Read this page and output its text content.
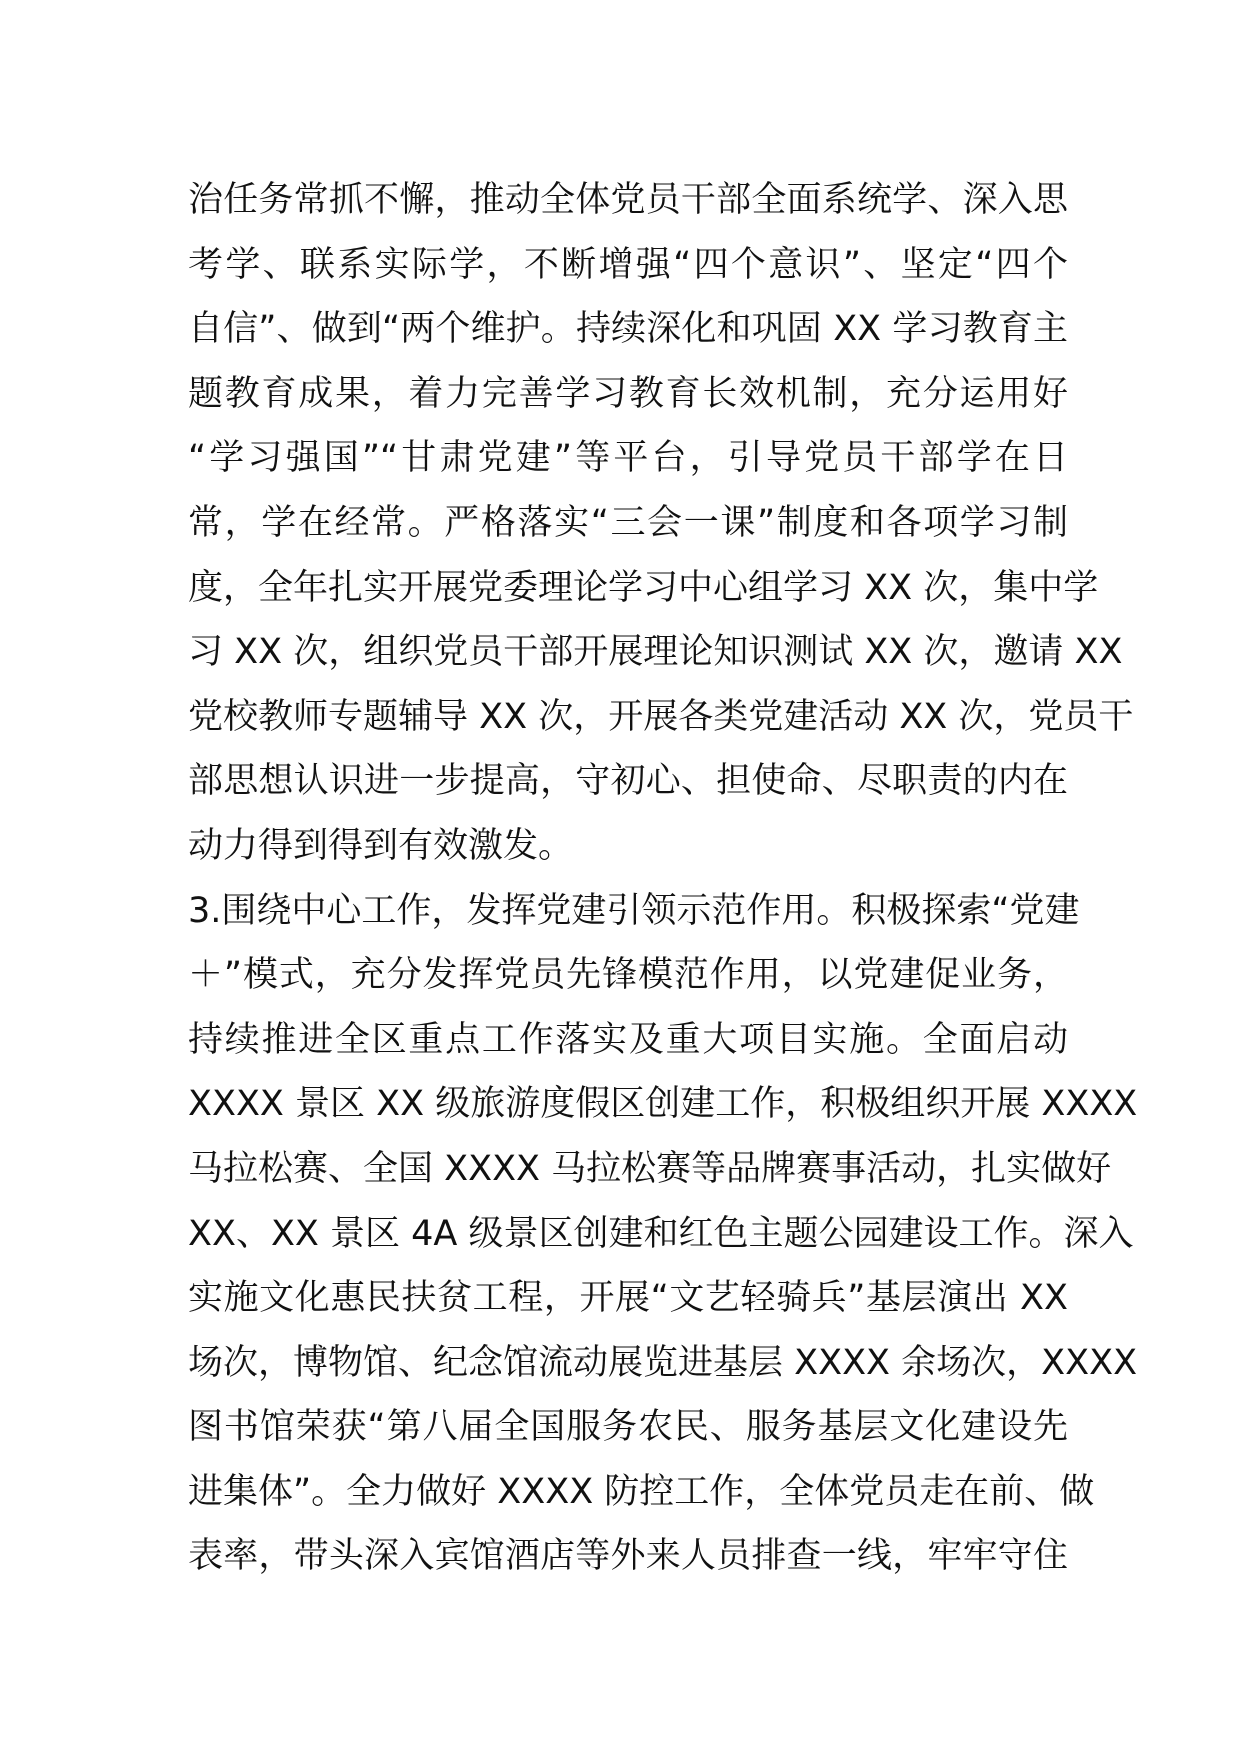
治任务常抓不懈，推动全体党员干部全面系统学、深入思
考学、联系实际学，不断增强“四个意识”、坚定“四个
自信”、做到“两个维护。持续深化和巩固 XX 学习教育主
题教育成果，着力完善学习教育长效机制，充分运用好
“学习强国”“甘肃党建”等平台，引导党员干部学在日
常，学在经常。严格落实“三会一课”制度和各项学习制
度，全年扎实开展党委理论学习中心组学习 XX 次，集中学
习 XX 次，组织党员干部开展理论知识测试 XX 次，邀请 XX
党校教师专题辅导 XX 次，开展各类党建活动 XX 次，党员干
部思想认识进一步提高，守初心、担使命、尽职责的内在
动力得到得到有效激发。
3.围绕中心工作，发挥党建引领示范作用。积极探索“党建
＋”模式，充分发挥党员先锋模范作用，以党建促业务，
持续推进全区重点工作落实及重大项目实施。全面启动
XXXX 景区 XX 级旅游度假区创建工作，积极组织开展 XXXX
马拉松赛、全国 XXXX 马拉松赛等品牌赛事活动，扎实做好
XX、XX 景区 4A 级景区创建和红色主题公园建设工作。深入
实施文化惠民扶贫工程，开展“文艺轻骑兵”基层演出 XX
场次，博物馆、纪念馆流动展览进基层 XXXX 余场次，XXXX
图书馆荣获“第八届全国服务农民、服务基层文化建设先
进集体”。全力做好 XXXX 防控工作，全体党员走在前、做
表率，带头深入宾馆酒店等外来人员排查一线，牢牢守住
